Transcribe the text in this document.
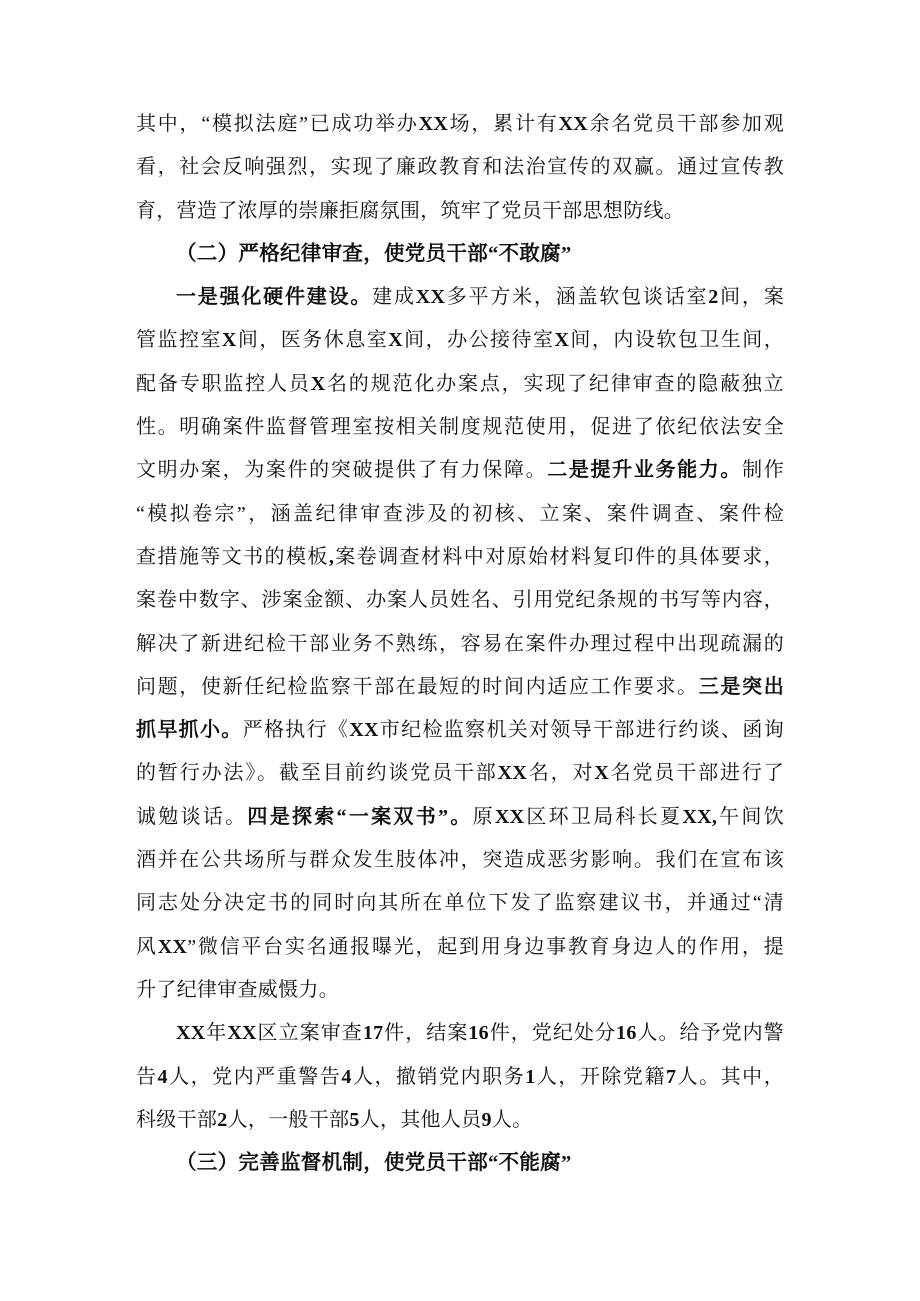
其中，“模拟法庭”已成功举办XX场，累计有XX余名党员干部参加观
看，社会反响强烈，实现了廉政教育和法治宣传的双赢。通过宣传教
育，营造了浓厚的崇廉拒腐氛围，筑牢了党员干部思想防线。
（二）严格纪律审查，使党员干部“不敢腐”
一是强化硬件建设。建成XX多平方米，涵盖软包谈话室2间，案
管监控室X间，医务休息室X间，办公接待室X间，内设软包卫生间，
配备专职监控人员X名的规范化办案点，实现了纪律审查的隐蔽独立
性。明确案件监督管理室按相关制度规范使用，促进了依纪依法安全
文明办案，为案件的突破提供了有力保障。二是提升业务能力。制作
“模拟卷宗”，涵盖纪律审查涉及的初核、立案、案件调查、案件检
查措施等文书的模板,案卷调查材料中对原始材料复印件的具体要求，
案卷中数字、涉案金额、办案人员姓名、引用党纪条规的书写等内容，
解决了新进纪检干部业务不熟练，容易在案件办理过程中出现疏漏的
问题，使新任纪检监察干部在最短的时间内适应工作要求。三是突出
抓早抓小。严格执行《XX市纪检监察机关对领导干部进行约谈、函询
的暂行办法》。截至目前约谈党员干部XX名，对X名党员干部进行了
诚勉谈话。四是探索“一案双书”。原XX区环卫局科长夏XX,午间饮
酒并在公共场所与群众发生肢体冲，突造成恶劣影响。我们在宣布该
同志处分决定书的同时向其所在单位下发了监察建议书，并通过“清
风XX”微信平台实名通报曝光，起到用身边事教育身边人的作用，提
升了纪律审查威慑力。
XX年XX区立案审查17件，结案16件，党纪处分16人。给予党内警
告4人，党内严重警告4人，撤销党内职务1人，开除党籍7人。其中，
科级干部2人，一般干部5人，其他人员9人。
（三）完善监督机制，使党员干部“不能腐”
